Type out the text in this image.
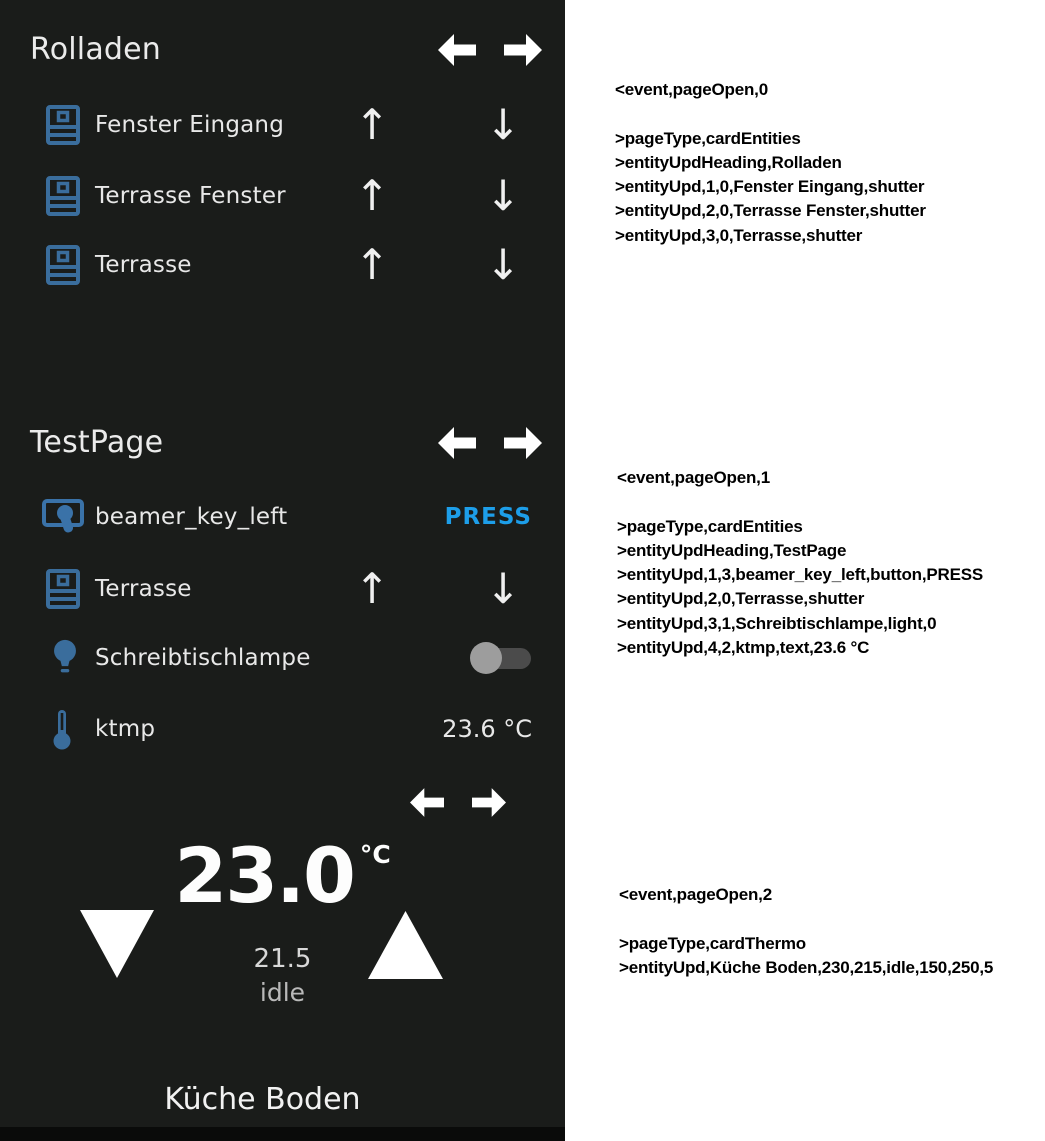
Rolladen
Fenster Eingang ↑ ↓
Terrasse Fenster ↑ ↓
Terrasse	↑ ↓
TestPage
beamer_key_left	PRESS
Terrasse	↑ ↓
Schreibtischlampe
ktmp	23.6 °C
23.0 °C
21.5
idle
Küche Boden
<event,pageOpen,0
>pageType,cardEntities
>entityUpdHeading,Rolladen
>entityUpd,1,0,Fenster Eingang,shutter
>entityUpd,2,0,Terrasse Fenster,shutter
>entityUpd,3,0,Terrasse,shutter
<event,pageOpen,1
>pageType,cardEntities
>entityUpdHeading,TestPage
>entityUpd,1,3,beamer_key_left,button,PRESS
>entityUpd,2,0,Terrasse,shutter
>entityUpd,3,1,Schreibtischlampe,light,0
>entityUpd,4,2,ktmp,text,23.6 °C
<event,pageOpen,2
>pageType,cardThermo
>entityUpd,Küche Boden,230,215,idle,150,250,5
